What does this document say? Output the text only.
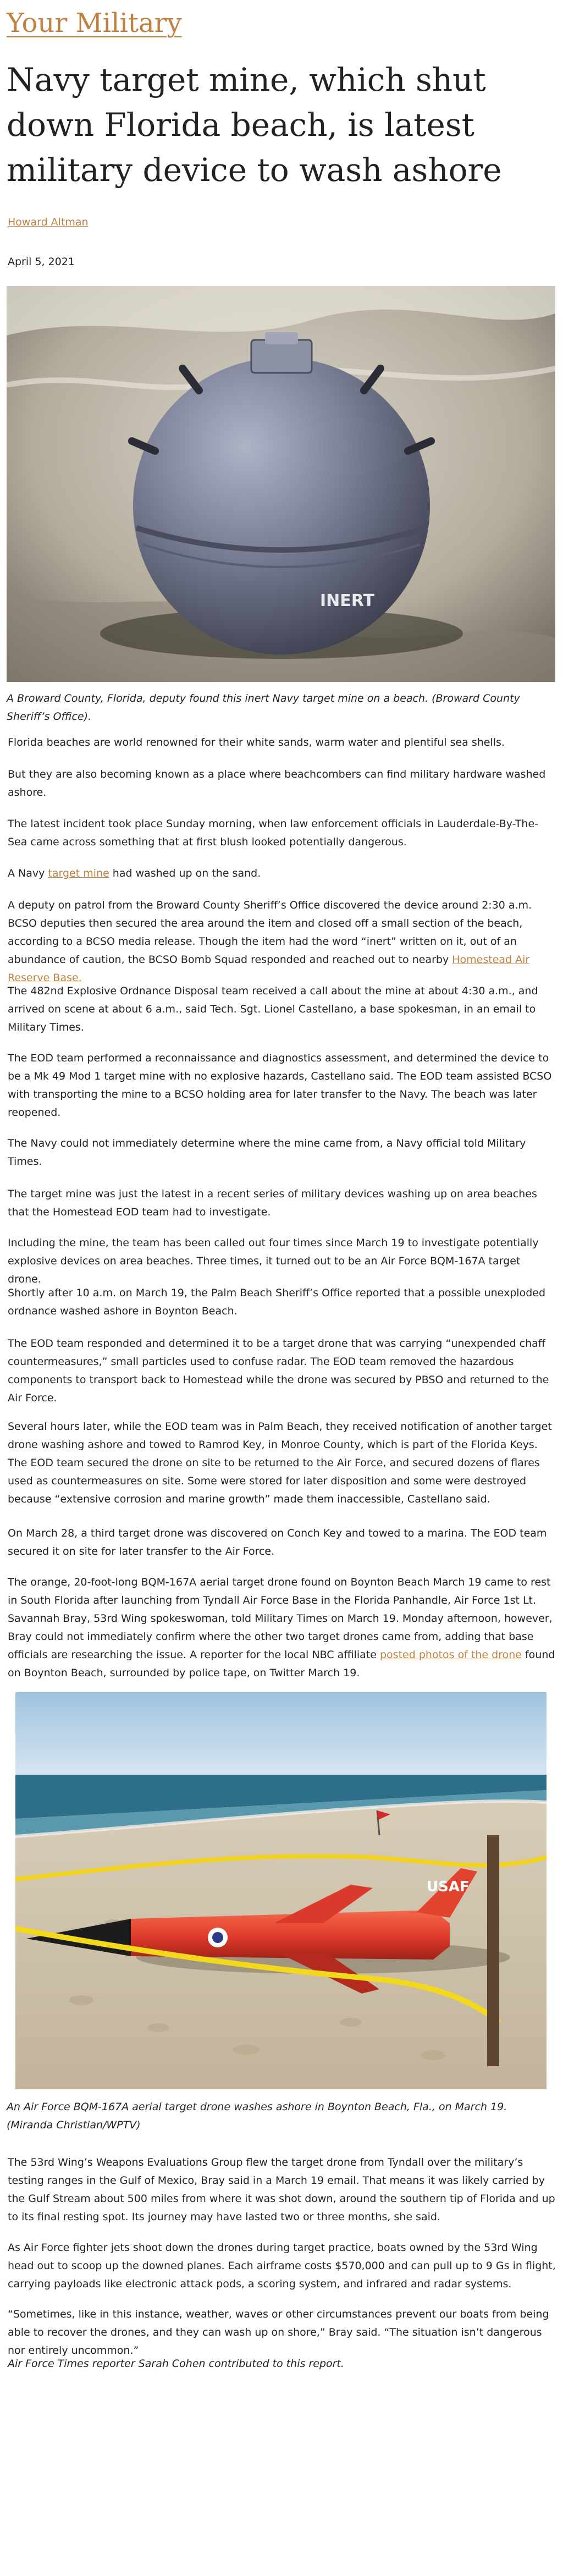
Your Military
Navy target mine, which shut down Florida beach, is latest military device to wash ashore

Howard Altman

April 5, 2021

INERT

A Broward County, Florida, deputy found this inert Navy target mine on a beach. (Broward County Sheriff’s Office).

Florida beaches are world renowned for their white sands, warm water and plentiful sea shells.

But they are also becoming known as a place where beachcombers can find military hardware washed ashore.

The latest incident took place Sunday morning, when law enforcement officials in Lauderdale-By-The-Sea came across something that at first blush looked potentially dangerous.

A Navy target mine had washed up on the sand.

A deputy on patrol from the Broward County Sheriff’s Office discovered the device around 2:30 a.m. BCSO deputies then secured the area around the item and closed off a small section of the beach, according to a BCSO media release. Though the item had the word “inert” written on it, out of an abundance of caution, the BCSO Bomb Squad responded and reached out to nearby Homestead Air Reserve Base.

The 482nd Explosive Ordnance Disposal team received a call about the mine at about 4:30 a.m., and arrived on scene at about 6 a.m., said Tech. Sgt. Lionel Castellano, a base spokesman, in an email to Military Times.

The EOD team performed a reconnaissance and diagnostics assessment, and determined the device to be a Mk 49 Mod 1 target mine with no explosive hazards, Castellano said. The EOD team assisted BCSO with transporting the mine to a BCSO holding area for later transfer to the Navy. The beach was later reopened.

The Navy could not immediately determine where the mine came from, a Navy official told Military Times.

The target mine was just the latest in a recent series of military devices washing up on area beaches that the Homestead EOD team had to investigate.

Including the mine, the team has been called out four times since March 19 to investigate potentially explosive devices on area beaches. Three times, it turned out to be an Air Force BQM-167A target drone.

Shortly after 10 a.m. on March 19, the Palm Beach Sheriff’s Office reported that a possible unexploded ordnance washed ashore in Boynton Beach.

The EOD team responded and determined it to be a target drone that was carrying “unexpended chaff countermeasures,” small particles used to confuse radar. The EOD team removed the hazardous components to transport back to Homestead while the drone was secured by PBSO and returned to the Air Force.

Several hours later, while the EOD team was in Palm Beach, they received notification of another target drone washing ashore and towed to Ramrod Key, in Monroe County, which is part of the Florida Keys. The EOD team secured the drone on site to be returned to the Air Force, and secured dozens of flares used as countermeasures on site. Some were stored for later disposition and some were destroyed because “extensive corrosion and marine growth” made them inaccessible, Castellano said.

On March 28, a third target drone was discovered on Conch Key and towed to a marina. The EOD team secured it on site for later transfer to the Air Force.

The orange, 20-foot-long BQM-167A aerial target drone found on Boynton Beach March 19 came to rest in South Florida after launching from Tyndall Air Force Base in the Florida Panhandle, Air Force 1st Lt. Savannah Bray, 53rd Wing spokeswoman, told Military Times on March 19. Monday afternoon, however, Bray could not immediately confirm where the other two target drones came from, adding that base officials are researching the issue. A reporter for the local NBC affiliate posted photos of the drone found on Boynton Beach, surrounded by police tape, on Twitter March 19.

USAF

An Air Force BQM-167A aerial target drone washes ashore in Boynton Beach, Fla., on March 19. (Miranda Christian/WPTV)

The 53rd Wing’s Weapons Evaluations Group flew the target drone from Tyndall over the military’s testing ranges in the Gulf of Mexico, Bray said in a March 19 email. That means it was likely carried by the Gulf Stream about 500 miles from where it was shot down, around the southern tip of Florida and up to its final resting spot. Its journey may have lasted two or three months, she said.

As Air Force fighter jets shoot down the drones during target practice, boats owned by the 53rd Wing head out to scoop up the downed planes. Each airframe costs $570,000 and can pull up to 9 Gs in flight, carrying payloads like electronic attack pods, a scoring system, and infrared and radar systems.

“Sometimes, like in this instance, weather, waves or other circumstances prevent our boats from being able to recover the drones, and they can wash up on shore,” Bray said. “The situation isn’t dangerous nor entirely uncommon.”

Air Force Times reporter Sarah Cohen contributed to this report.
